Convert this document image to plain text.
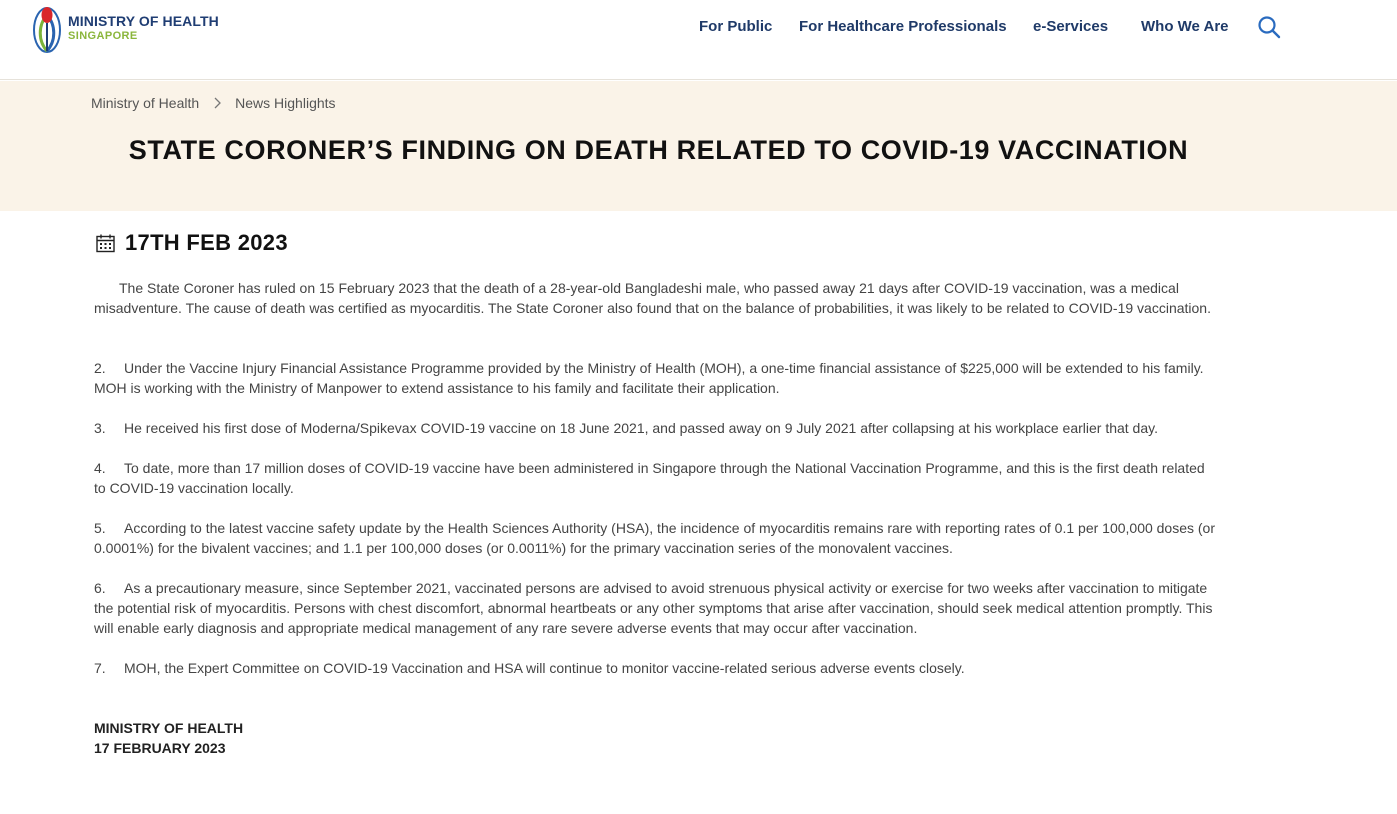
MINISTRY OF HEALTH
SINGAPORE
For Public For Healthcare Professionals e-Services Who We Are
Ministry of Health	News Highlights
STATE CORONER’S FINDING ON DEATH RELATED TO COVID-19 VACCINATION
17TH FEB 2023
The State Coroner has ruled on 15 February 2023 that the death of a 28-year-old Bangladeshi male, who passed away 21 days after COVID-19 vaccination, was a medical misadventure. The cause of death was certified as myocarditis. The State Coroner also found that on the balance of probabilities, it was likely to be related to COVID-19 vaccination.
2. Under the Vaccine Injury Financial Assistance Programme provided by the Ministry of Health (MOH), a one-time financial assistance of $225,000 will be extended to his family. MOH is working with the Ministry of Manpower to extend assistance to his family and facilitate their application.
3. He received his first dose of Moderna/Spikevax COVID-19 vaccine on 18 June 2021, and passed away on 9 July 2021 after collapsing at his workplace earlier that day.
4. To date, more than 17 million doses of COVID-19 vaccine have been administered in Singapore through the National Vaccination Programme, and this is the first death related to COVID-19 vaccination locally.
5. According to the latest vaccine safety update by the Health Sciences Authority (HSA), the incidence of myocarditis remains rare with reporting rates of 0.1 per 100,000 doses (or 0.0001%) for the bivalent vaccines; and 1.1 per 100,000 doses (or 0.0011%) for the primary vaccination series of the monovalent vaccines.
6. As a precautionary measure, since September 2021, vaccinated persons are advised to avoid strenuous physical activity or exercise for two weeks after vaccination to mitigate the potential risk of myocarditis. Persons with chest discomfort, abnormal heartbeats or any other symptoms that arise after vaccination, should seek medical attention promptly. This will enable early diagnosis and appropriate medical management of any rare severe adverse events that may occur after vaccination.
7. MOH, the Expert Committee on COVID-19 Vaccination and HSA will continue to monitor vaccine-related serious adverse events closely.
MINISTRY OF HEALTH
17 FEBRUARY 2023
